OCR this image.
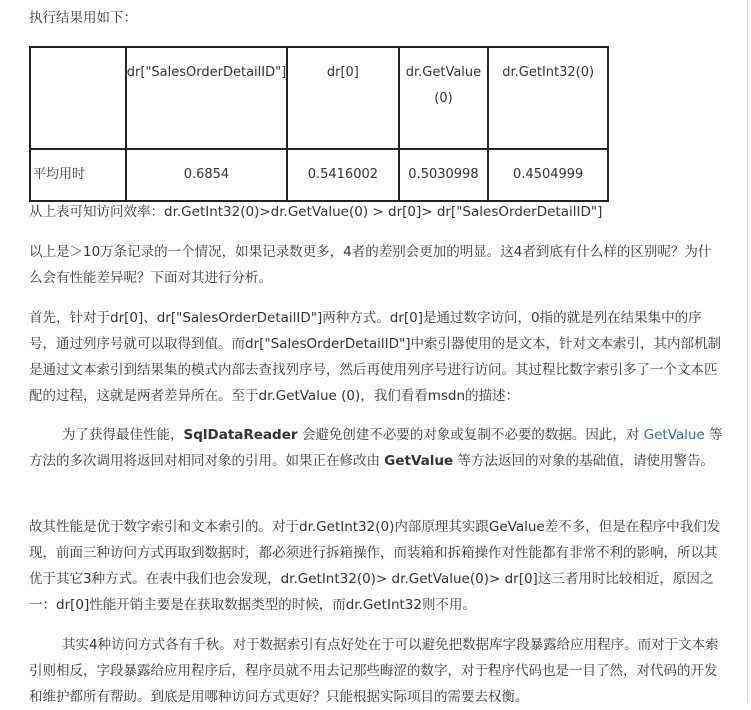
执行结果用如下：

	dr["SalesOrderDetailID"]	dr[0]	dr.GetValue (0)	dr.GetInt32(0)
平均用时	0.6854	0.5416002	0.5030998	0.4504999

从上表可知访问效率：dr.GetInt32(0)>dr.GetValue(0) > dr[0]> dr["SalesOrderDetailID"]

以上是＞10万条记录的一个情况，如果记录数更多，4者的差别会更加的明显。这4者到底有什么样的区别呢？为什么会有性能差异呢？下面对其进行分析。

首先，针对于dr[0]、dr["SalesOrderDetailID"]两种方式。dr[0]是通过数字访问，0指的就是列在结果集中的序号，通过列序号就可以取得到值。而dr["SalesOrderDetailID"]中索引器使用的是文本，针对文本索引，其内部机制是通过文本索引到结果集的模式内部去查找列序号，然后再使用列序号进行访问。其过程比数字索引多了一个文本匹配的过程，这就是两者差异所在。至于dr.GetValue (0)，我们看看msdn的描述：

为了获得最佳性能，SqlDataReader 会避免创建不必要的对象或复制不必要的数据。因此，对 GetValue 等方法的多次调用将返回对相同对象的引用。如果正在修改由 GetValue 等方法返回的对象的基础值，请使用警告。

故其性能是优于数字索引和文本索引的。对于dr.GetInt32(0)内部原理其实跟GeValue差不多，但是在程序中我们发现，前面三种访问方式再取到数据时，都必须进行拆箱操作，而装箱和拆箱操作对性能都有非常不利的影响，所以其优于其它3种方式。在表中我们也会发现，dr.GetInt32(0)> dr.GetValue(0)> dr[0]这三者用时比较相近，原因之一：dr[0]性能开销主要是在获取数据类型的时候，而dr.GetInt32则不用。

其实4种访问方式各有千秋。对于数据索引有点好处在于可以避免把数据库字段暴露给应用程序。而对于文本索引则相反，字段暴露给应用程序后，程序员就不用去记那些晦涩的数字，对于程序代码也是一目了然，对代码的开发和维护都所有帮助。到底是用哪种访问方式更好？只能根据实际项目的需要去权衡。
